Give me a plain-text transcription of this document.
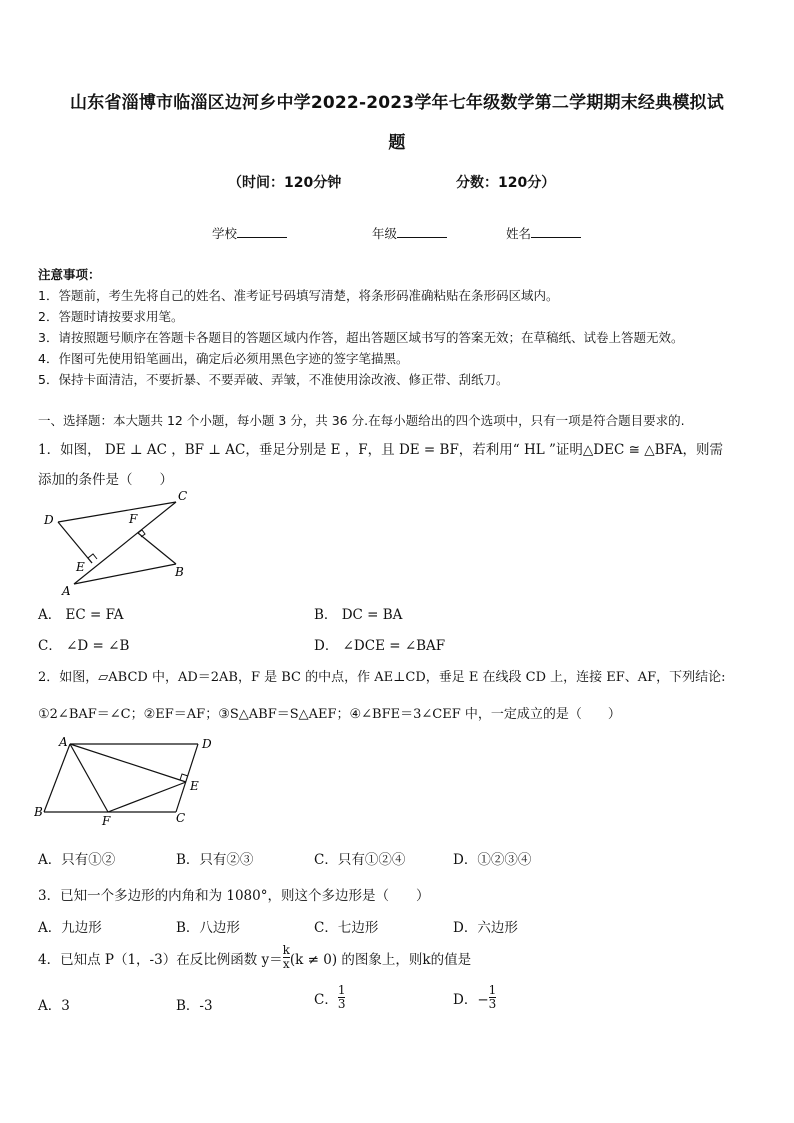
山东省淄博市临淄区边河乡中学2022-2023学年七年级数学第二学期期末经典模拟试
题
（时间：120分钟	分数：120分）
学校	年级	姓名
注意事项：
1．答题前，考生先将自己的姓名、准考证号码填写清楚，将条形码准确粘贴在条形码区域内。
2．答题时请按要求用笔。
3．请按照题号顺序在答题卡各题目的答题区域内作答，超出答题区域书写的答案无效；在草稿纸、试卷上答题无效。
4．作图可先使用铅笔画出，确定后必须用黑色字迹的签字笔描黑。
5．保持卡面清洁，不要折暴、不要弄破、弄皱，不准使用涂改液、修正带、刮纸刀。
一、选择题：本大题共 12 个小题，每小题 3 分，共 36 分.在每小题给出的四个选项中，只有一项是符合题目要求的.
1．如图， DE ⊥ AC ，BF ⊥ AC，垂足分别是 E ，F，且 DE = BF，若利用“ HL ”证明△DEC ≅ △BFA，则需
添加的条件是（　　）
C
D	F
E
A
B
A． EC = FA	B． DC = BA
C． ∠D = ∠B	D． ∠DCE = ∠BAF
2．如图，▱ABCD 中，AD＝2AB，F 是 BC 的中点，作 AE⊥CD，垂足 E 在线段 CD 上，连接 EF、AF，下列结论:
①2∠BAF＝∠C；②EF＝AF；③S△ABF＝S△AEF；④∠BFE＝3∠CEF 中，一定成立的是（　　）
A	D
E
B
F	C
A．只有①②	B．只有②③	C．只有①②④	D．①②③④
3．已知一个多边形的内角和为 1080°，则这个多边形是（　　）
A．九边形	B．八边形	C．七边形	D．六边形
4．已知点 P（1，-3）在反比例函数 $y= \frac{k}{x} (k \ne 0)$ 的图象上，则k的值是
A．3	B．-3	C． $\frac{1}{3}$	D．− $\frac{1}{3}$
